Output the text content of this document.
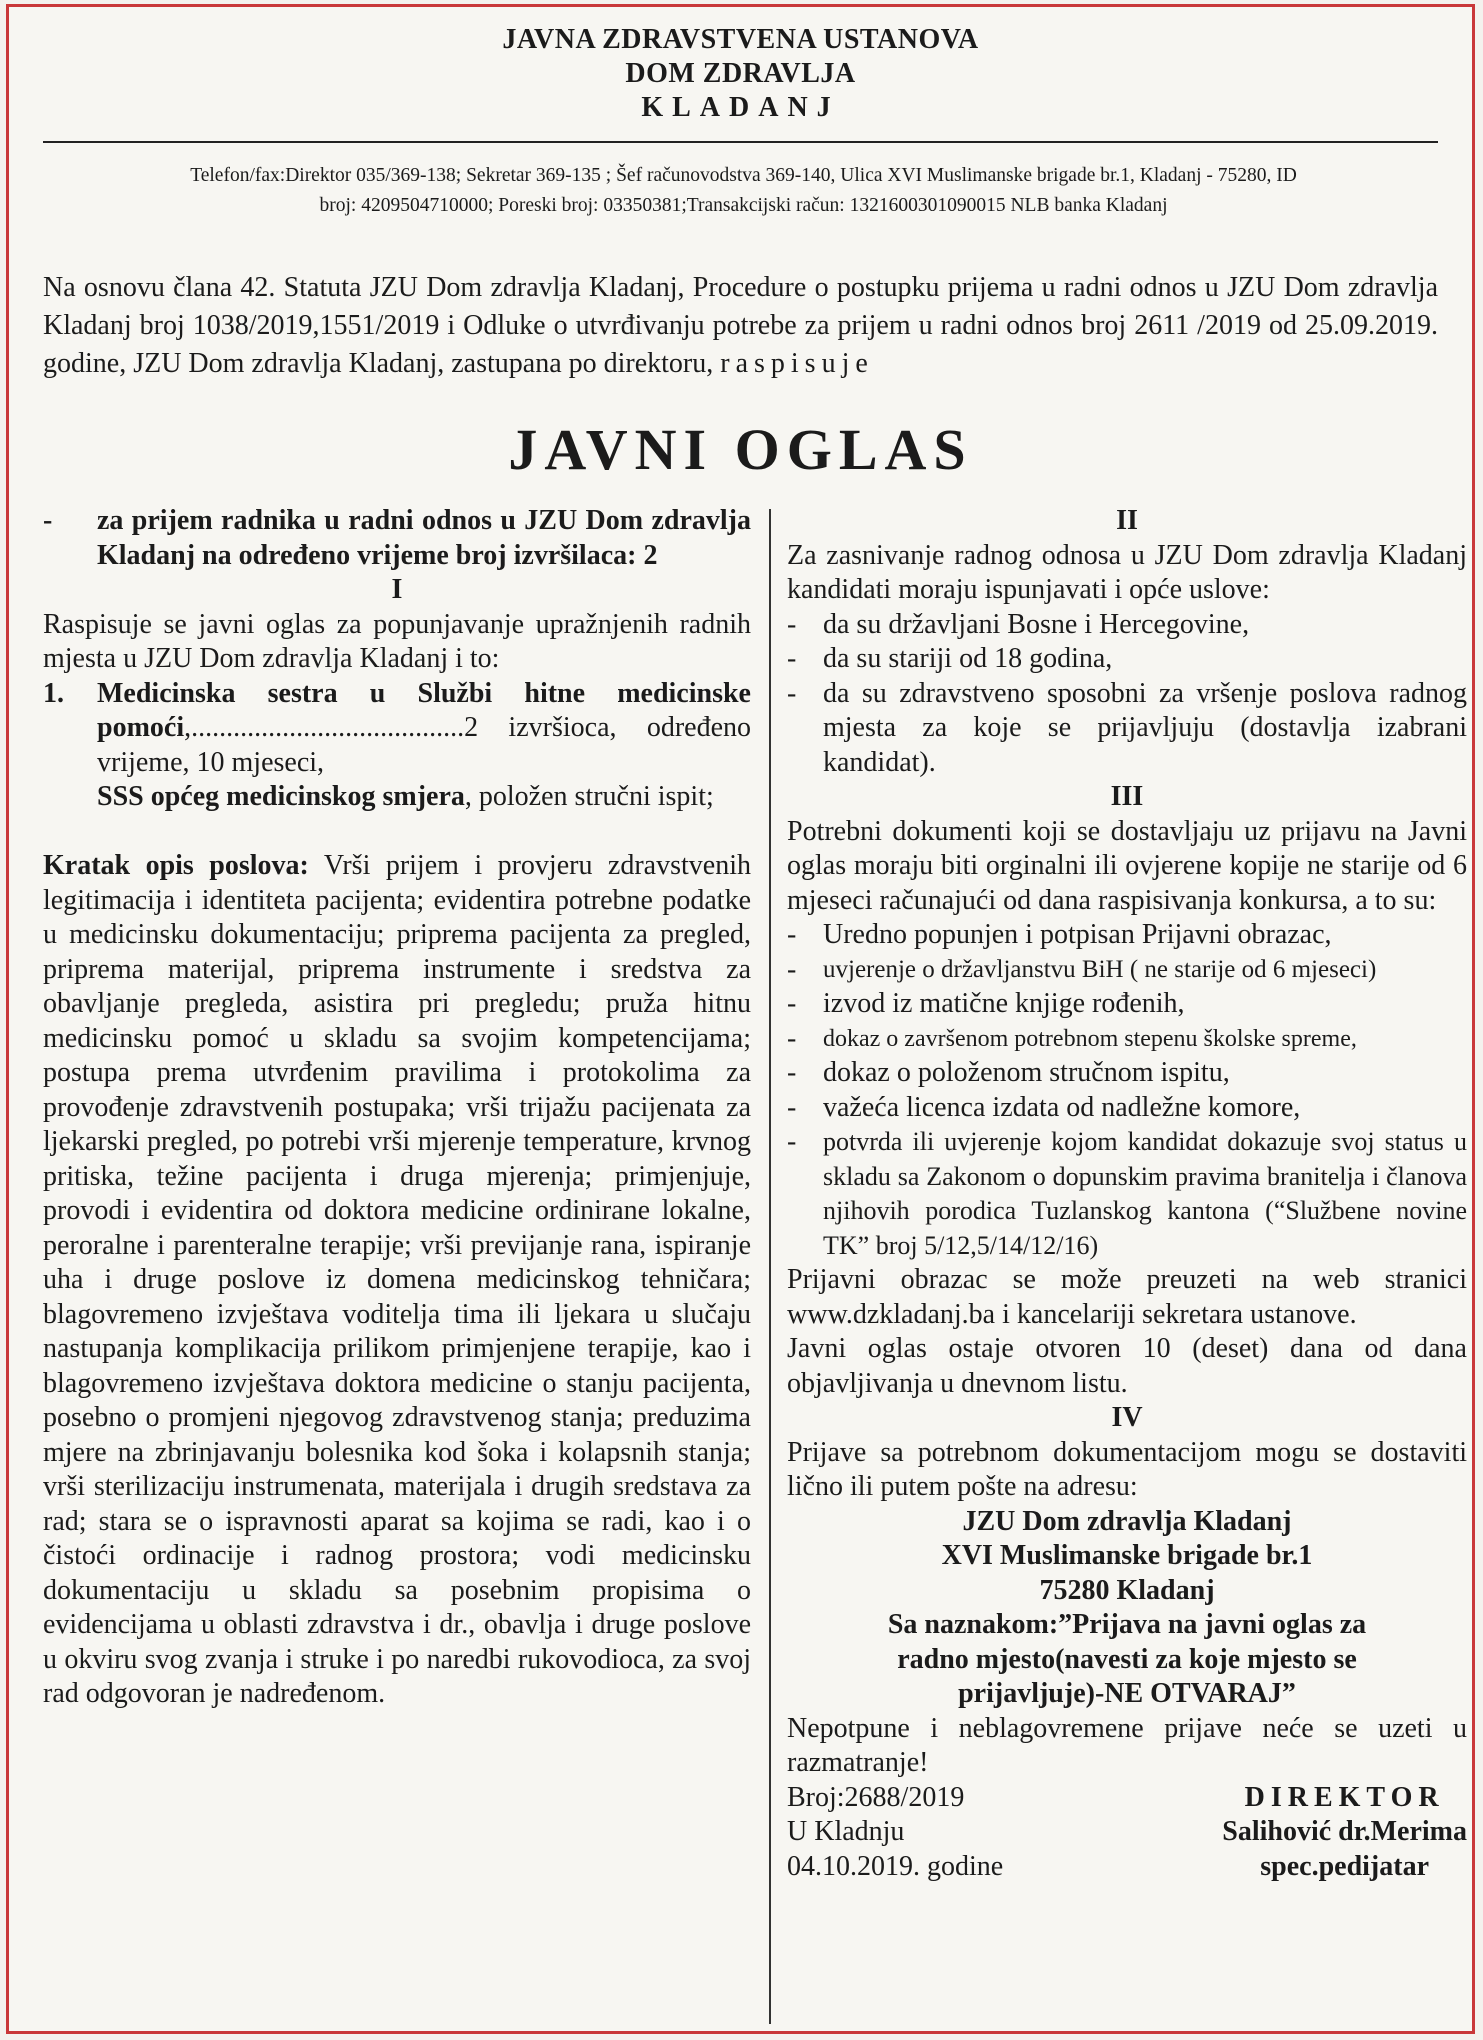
JAVNA ZDRAVSTVENA USTANOVA
DOM ZDRAVLJA
KLADANJ
Telefon/fax:Direktor 035/369-138; Sekretar 369-135 ; Šef računovodstva 369-140, Ulica XVI Muslimanske brigade br.1, Kladanj - 75280, ID
broj: 4209504710000; Poreski broj: 03350381;Transakcijski račun: 1321600301090015 NLB banka Kladanj
Na osnovu člana 42. Statuta JZU Dom zdravlja Kladanj, Procedure o postupku prijema u radni odnos u JZU Dom zdravlja Kladanj broj 1038/2019,1551/2019 i Odluke o utvrđivanju potrebe za prijem u radni odnos broj 2611 /2019 od 25.09.2019. godine, JZU Dom zdravlja Kladanj, zastupana po direktoru, raspisuje
JAVNI OGLAS
-	za prijem radnika u radni odnos u JZU Dom zdravlja Kladanj na određeno vrijeme broj izvršilaca: 2
I
Raspisuje se javni oglas za popunjavanje upražnjenih radnih mjesta u JZU Dom zdravlja Kladanj i to:
1.	Medicinska sestra u Službi hitne medicinske pomoći,.......................................2 izvršioca, određeno vrijeme, 10 mjeseci,
SSS općeg medicinskog smjera, položen stručni ispit;
Kratak opis poslova: Vrši prijem i provjeru zdravstvenih legitimacija i identiteta pacijenta; evidentira potrebne podatke u medicinsku dokumentaciju; priprema pacijenta za pregled, priprema materijal, priprema instrumente i sredstva za obavljanje pregleda, asistira pri pregledu; pruža hitnu medicinsku pomoć u skladu sa svojim kompetencijama; postupa prema utvrđenim pravilima i protokolima za provođenje zdravstvenih postupaka; vrši trijažu pacijenata za ljekarski pregled, po potrebi vrši mjerenje temperature, krvnog pritiska, težine pacijenta i druga mjerenja; primjenjuje, provodi i evidentira od doktora medicine ordinirane lokalne, peroralne i parenteralne terapije; vrši previjanje rana, ispiranje uha i druge poslove iz domena medicinskog tehničara; blagovremeno izvještava voditelja tima ili ljekara u slučaju nastupanja komplikacija prilikom primjenjene terapije, kao i blagovremeno izvještava doktora medicine o stanju pacijenta, posebno o promjeni njegovog zdravstvenog stanja; preduzima mjere na zbrinjavanju bolesnika kod šoka i kolapsnih stanja; vrši sterilizaciju instrumenata, materijala i drugih sredstava za rad; stara se o ispravnosti aparat sa kojima se radi, kao i o čistoći ordinacije i radnog prostora; vodi medicinsku dokumentaciju u skladu sa posebnim propisima o evidencijama u oblasti zdravstva i dr., obavlja i druge poslove u okviru svog zvanja i struke i po naredbi rukovodioca, za svoj rad odgovoran je nadređenom.
II
Za zasnivanje radnog odnosa u JZU Dom zdravlja Kladanj kandidati moraju ispunjavati i opće uslove:
- da su državljani Bosne i Hercegovine,
- da su stariji od 18 godina,
- da su zdravstveno sposobni za vršenje poslova radnog mjesta za koje se prijavljuju (dostavlja izabrani kandidat).
III
Potrebni dokumenti koji se dostavljaju uz prijavu na Javni oglas moraju biti orginalni ili ovjerene kopije ne starije od 6 mjeseci računajući od dana raspisivanja konkursa, a to su:
- Uredno popunjen i potpisan Prijavni obrazac,
-	uvjerenje o državljanstvu BiH ( ne starije od 6 mjeseci)
- izvod iz matične knjige rođenih,
-	dokaz o završenom potrebnom stepenu školske spreme,
- dokaz o položenom stručnom ispitu,
- važeća licenca izdata od nadležne komore,
-	potvrda ili uvjerenje kojom kandidat dokazuje svoj status u skladu sa Zakonom o dopunskim pravima branitelja i članova njihovih porodica Tuzlanskog kantona (“Službene novine TK” broj 5/12,5/14/12/16)
Prijavni obrazac se može preuzeti na web stranici www.dzkladanj.ba i kancelariji sekretara ustanove.
Javni oglas ostaje otvoren 10 (deset) dana od dana objavljivanja u dnevnom listu.
IV
Prijave sa potrebnom dokumentacijom mogu se dostaviti lično ili putem pošte na adresu:
JZU Dom zdravlja Kladanj
XVI Muslimanske brigade br.1
75280 Kladanj
Sa naznakom:”Prijava na javni oglas za
radno mjesto(navesti za koje mjesto se
prijavljuje)-NE OTVARAJ”
Nepotpune i neblagovremene prijave neće se uzeti u razmatranje!
Broj:2688/2019
U Kladnju
04.10.2019. godine
DIREKTOR
Salihović dr.Merima
spec.pedijatar
